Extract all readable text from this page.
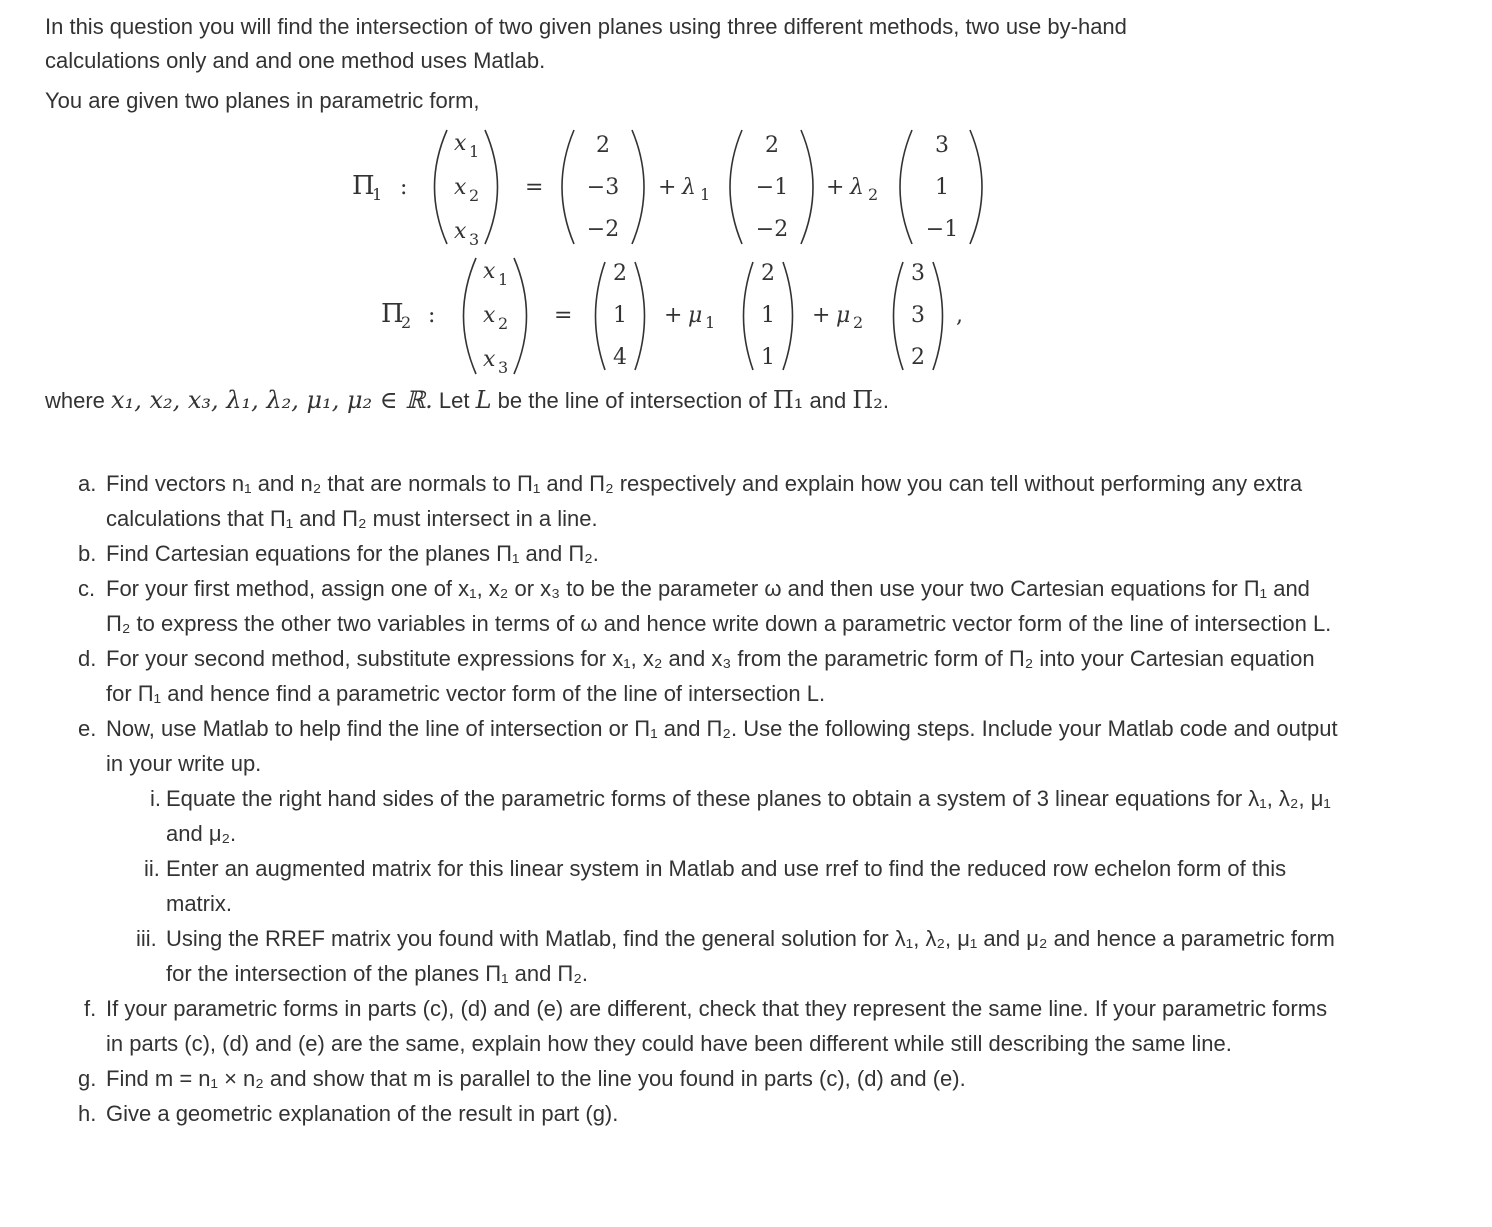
In this question you will find the intersection of two given planes using three different methods, two use by-hand
calculations only and and one method uses Matlab.
You are given two planes in parametric form,
Π
1 :
x 1
x 2
x 3
=
2
−3
−2
+ λ 1
2
−1
−2
+ λ 2
3
1
−1
Π
2 :
x 1
x 2
x 3
=
2
1
4
+ μ 1
2
1
1
+ μ 2
3
3
2
,
where x₁, x₂, x₃, λ₁, λ₂, μ₁, μ₂ ∈ ℝ. Let L be the line of intersection of Π₁ and Π₂.
a. Find vectors n₁ and n₂ that are normals to Π₁ and Π₂ respectively and explain how you can tell without performing any extra calculations that Π₁ and Π₂ must intersect in a line.
b. Find Cartesian equations for the planes Π₁ and Π₂.
c. For your first method, assign one of x₁, x₂ or x₃ to be the parameter ω and then use your two Cartesian equations for Π₁ and Π₂ to express the other two variables in terms of ω and hence write down a parametric vector form of the line of intersection L.
d. For your second method, substitute expressions for x₁, x₂ and x₃ from the parametric form of Π₂ into your Cartesian equation for Π₁ and hence find a parametric vector form of the line of intersection L.
e. Now, use Matlab to help find the line of intersection or Π₁ and Π₂. Use the following steps. Include your Matlab code and output in your write up.
i. Equate the right hand sides of the parametric forms of these planes to obtain a system of 3 linear equations for λ₁, λ₂, μ₁ and μ₂.
ii. Enter an augmented matrix for this linear system in Matlab and use rref to find the reduced row echelon form of this matrix.
iii. Using the RREF matrix you found with Matlab, find the general solution for λ₁, λ₂, μ₁ and μ₂ and hence a parametric form for the intersection of the planes Π₁ and Π₂.
f. If your parametric forms in parts (c), (d) and (e) are different, check that they represent the same line. If your parametric forms in parts (c), (d) and (e) are the same, explain how they could have been different while still describing the same line.
g. Find m = n₁ × n₂ and show that m is parallel to the line you found in parts (c), (d) and (e).
h. Give a geometric explanation of the result in part (g).
